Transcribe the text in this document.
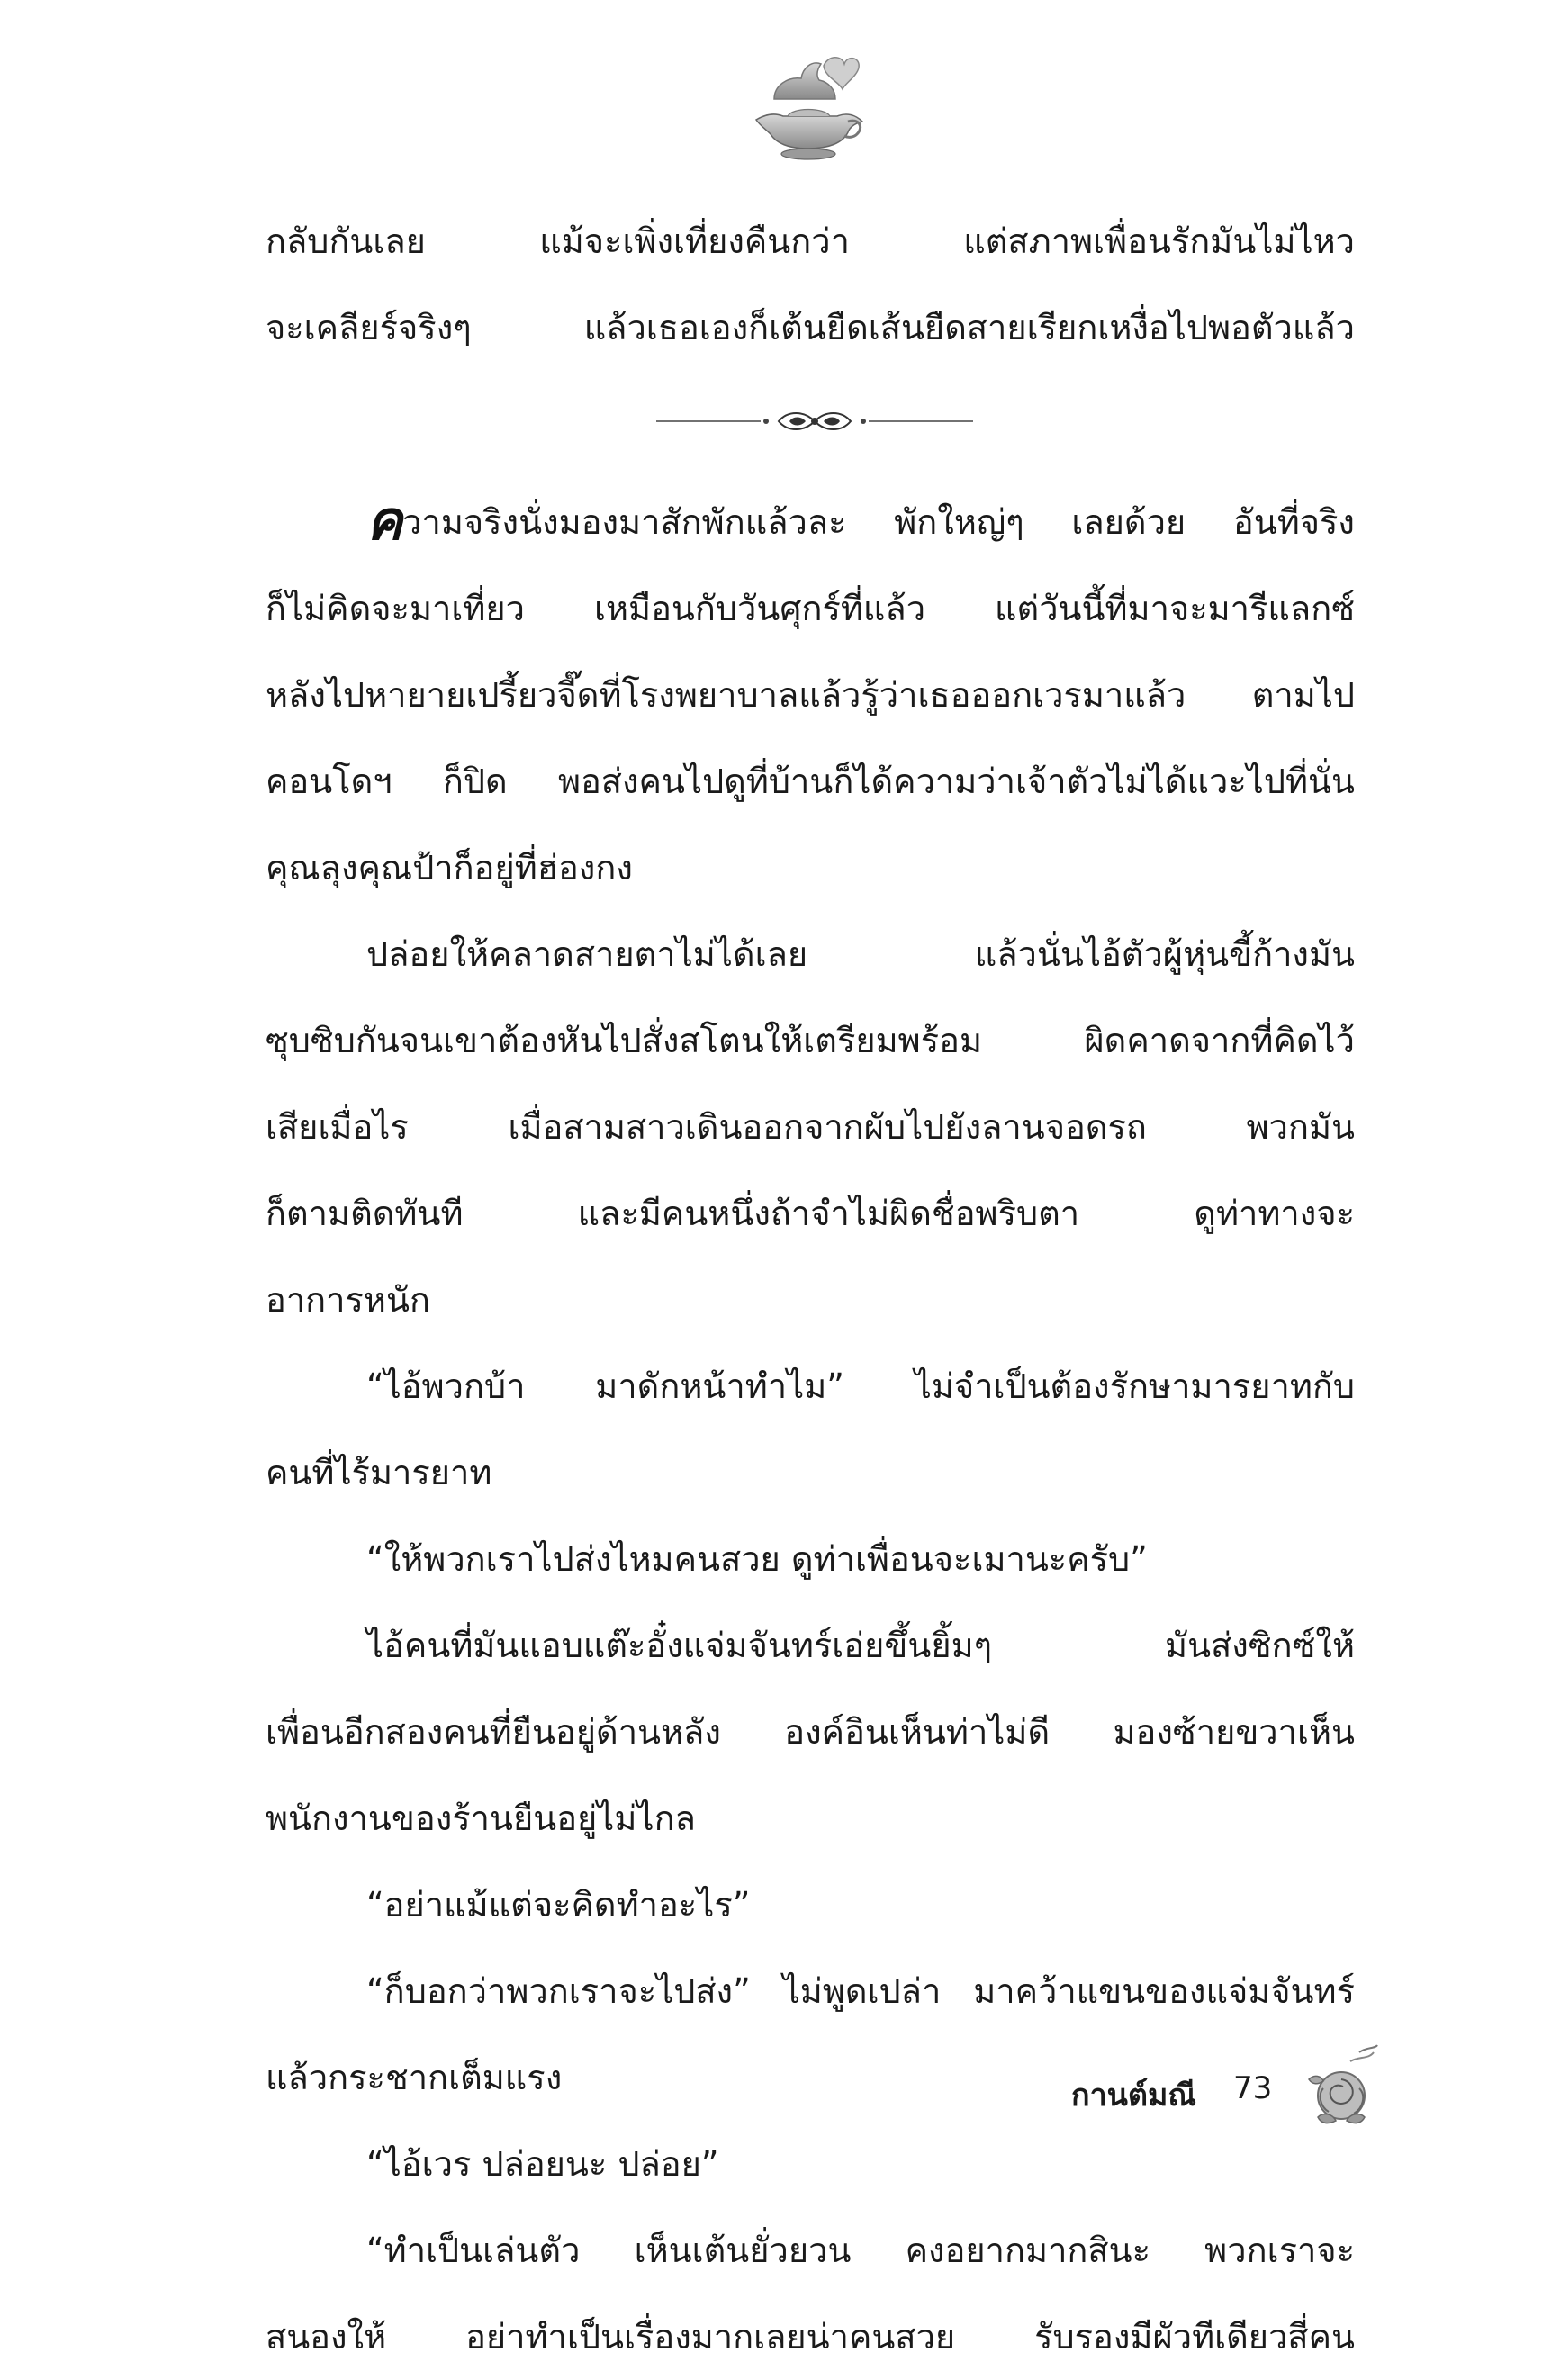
กลับกันเลย แม้จะเพิ่งเที่ยงคืนกว่า แต่สภาพเพื่อนรักมันไม่ไหว
จะเคลียร์จริงๆ แล้วเธอเองก็เต้นยืดเส้นยืดสายเรียกเหงื่อไปพอตัวแล้ว
ความจริงนั่งมองมาสักพักแล้วละ พักใหญ่ๆ เลยด้วย อันที่จริง
ก็ไม่คิดจะมาเที่ยว เหมือนกับวันศุกร์ที่แล้ว แต่วันนี้ที่มาจะมารีแลกซ์
หลังไปหายายเปรี้ยวจี๊ดที่โรงพยาบาลแล้วรู้ว่าเธอออกเวรมาแล้ว ตามไป
คอนโดฯ ก็ปิด พอส่งคนไปดูที่บ้านก็ได้ความว่าเจ้าตัวไม่ได้แวะไปที่นั่น
คุณลุงคุณป้าก็อยู่ที่ฮ่องกง
ปล่อยให้คลาดสายตาไม่ได้เลย แล้วนั่นไอ้ตัวผู้หุ่นขี้ก้างมัน
ซุบซิบกันจนเขาต้องหันไปสั่งสโตนให้เตรียมพร้อม ผิดคาดจากที่คิดไว้
เสียเมื่อไร เมื่อสามสาวเดินออกจากผับไปยังลานจอดรถ พวกมัน
ก็ตามติดทันที และมีคนหนึ่งถ้าจำไม่ผิดชื่อพริบตา ดูท่าทางจะ
อาการหนัก
“ไอ้พวกบ้า มาดักหน้าทำไม” ไม่จำเป็นต้องรักษามารยาทกับ
คนที่ไร้มารยาท
“ให้พวกเราไปส่งไหมคนสวย ดูท่าเพื่อนจะเมานะครับ”
ไอ้คนที่มันแอบแต๊ะอั๋งแจ่มจันทร์เอ่ยขึ้นยิ้มๆ มันส่งซิกซ์ให้
เพื่อนอีกสองคนที่ยืนอยู่ด้านหลัง องค์อินเห็นท่าไม่ดี มองซ้ายขวาเห็น
พนักงานของร้านยืนอยู่ไม่ไกล
“อย่าแม้แต่จะคิดทำอะไร”
“ก็บอกว่าพวกเราจะไปส่ง” ไม่พูดเปล่า มาคว้าแขนของแจ่มจันทร์
แล้วกระชากเต็มแรง
“ไอ้เวร ปล่อยนะ ปล่อย”
“ทำเป็นเล่นตัว เห็นเต้นยั่วยวน คงอยากมากสินะ พวกเราจะ
สนองให้ อย่าทำเป็นเรื่องมากเลยน่าคนสวย รับรองมีผัวทีเดียวสี่คน
กานต์มณี 73
